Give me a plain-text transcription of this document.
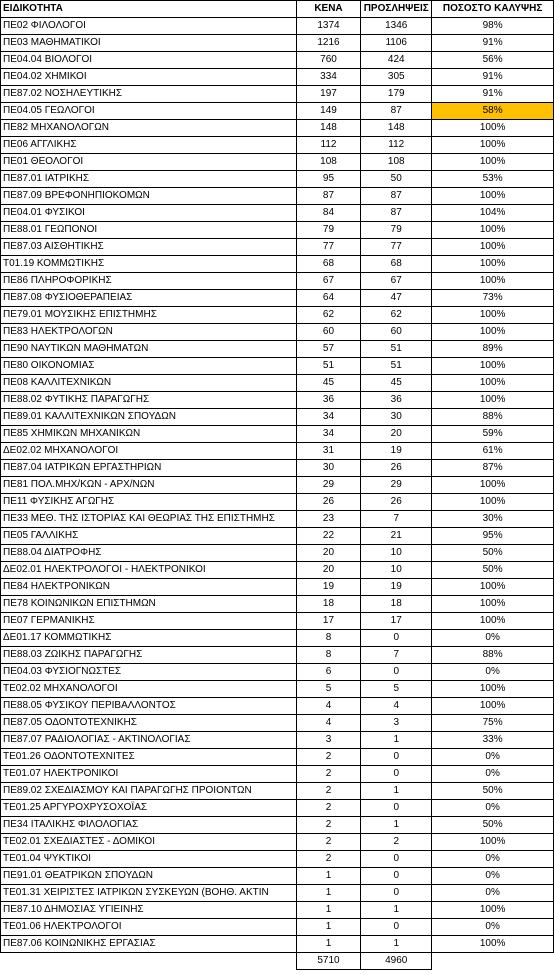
ΕΙΔΙΚΟΤΗΤΑ	ΚΕΝΑ	ΠΡΟΣΛΗΨΕΙΣ	ΠΟΣΟΣΤΟ ΚΑΛΥΨΗΣ
ΠΕ02 ΦΙΛΟΛΟΓΟΙ	1374	1346	98%
ΠΕ03 ΜΑΘΗΜΑΤΙΚΟΙ	1216	1106	91%
ΠΕ04.04 ΒΙΟΛΟΓΟΙ	760	424	56%
ΠΕ04.02 ΧΗΜΙΚΟΙ	334	305	91%
ΠΕ87.02 ΝΟΣΗΛΕΥΤΙΚΗΣ	197	179	91%
ΠΕ04.05 ΓΕΩΛΟΓΟΙ	149	87	58%
ΠΕ82 ΜΗΧΑΝΟΛΟΓΩΝ	148	148	100%
ΠΕ06 ΑΓΓΛΙΚΗΣ	112	112	100%
ΠΕ01 ΘΕΟΛΟΓΟΙ	108	108	100%
ΠΕ87.01 ΙΑΤΡΙΚΗΣ	95	50	53%
ΠΕ87.09 ΒΡΕΦΟΝΗΠΙΟΚΟΜΩΝ	87	87	100%
ΠΕ04.01 ΦΥΣΙΚΟΙ	84	87	104%
ΠΕ88.01 ΓΕΩΠΟΝΟΙ	79	79	100%
ΠΕ87.03 ΑΙΣΘΗΤΙΚΗΣ	77	77	100%
Τ01.19 ΚΟΜΜΩΤΙΚΗΣ	68	68	100%
ΠΕ86 ΠΛΗΡΟΦΟΡΙΚΗΣ	67	67	100%
ΠΕ87.08 ΦΥΣΙΟΘΕΡΑΠΕΙΑΣ	64	47	73%
ΠΕ79.01 ΜΟΥΣΙΚΗΣ ΕΠΙΣΤΗΜΗΣ	62	62	100%
ΠΕ83 ΗΛΕΚΤΡΟΛΟΓΩΝ	60	60	100%
ΠΕ90 ΝΑΥΤΙΚΩΝ ΜΑΘΗΜΑΤΩΝ	57	51	89%
ΠΕ80 ΟΙΚΟΝΟΜΙΑΣ	51	51	100%
ΠΕ08 ΚΑΛΛΙΤΕΧΝΙΚΩΝ	45	45	100%
ΠΕ88.02 ΦΥΤΙΚΗΣ ΠΑΡΑΓΩΓΗΣ	36	36	100%
ΠΕ89.01 ΚΑΛΛΙΤΕΧΝΙΚΩΝ ΣΠΟΥΔΩΝ	34	30	88%
ΠΕ85 ΧΗΜΙΚΩΝ ΜΗΧΑΝΙΚΩΝ	34	20	59%
ΔΕ02.02 ΜΗΧΑΝΟΛΟΓΟΙ	31	19	61%
ΠΕ87.04 ΙΑΤΡΙΚΩΝ ΕΡΓΑΣΤΗΡΙΩΝ	30	26	87%
ΠΕ81 ΠΟΛ.ΜΗΧ/ΚΩΝ - ΑΡΧ/ΝΩΝ	29	29	100%
ΠΕ11 ΦΥΣΙΚΗΣ ΑΓΩΓΗΣ	26	26	100%
ΠΕ33 ΜΕΘ. ΤΗΣ ΙΣΤΟΡΙΑΣ ΚΑΙ ΘΕΩΡΙΑΣ ΤΗΣ ΕΠΙΣΤΗΜΗΣ	23	7	30%
ΠΕ05 ΓΑΛΛΙΚΗΣ	22	21	95%
ΠΕ88.04 ΔΙΑΤΡΟΦΗΣ	20	10	50%
ΔΕ02.01 ΗΛΕΚΤΡΟΛΟΓΟΙ - ΗΛΕΚΤΡΟΝΙΚΟΙ	20	10	50%
ΠΕ84 ΗΛΕΚΤΡΟΝΙΚΩΝ	19	19	100%
ΠΕ78 ΚΟΙΝΩΝΙΚΩΝ ΕΠΙΣΤΗΜΩΝ	18	18	100%
ΠΕ07 ΓΕΡΜΑΝΙΚΗΣ	17	17	100%
ΔΕ01.17 ΚΟΜΜΩΤΙΚΗΣ	8	0	0%
ΠΕ88.03 ΖΩΙΚΗΣ ΠΑΡΑΓΩΓΗΣ	8	7	88%
ΠΕ04.03 ΦΥΣΙΟΓΝΩΣΤΕΣ	6	0	0%
ΤΕ02.02 ΜΗΧΑΝΟΛΟΓΟΙ	5	5	100%
ΠΕ88.05 ΦΥΣΙΚΟΥ ΠΕΡΙΒΑΛΛΟΝΤΟΣ	4	4	100%
ΠΕ87.05 ΟΔΟΝΤΟΤΕΧΝΙΚΗΣ	4	3	75%
ΠΕ87.07 ΡΑΔΙΟΛΟΓΙΑΣ - ΑΚΤΙΝΟΛΟΓΙΑΣ	3	1	33%
ΤΕ01.26 ΟΔΟΝΤΟΤΕΧΝΙΤΕΣ	2	0	0%
ΤΕ01.07 ΗΛΕΚΤΡΟΝΙΚΟΙ	2	0	0%
ΠΕ89.02 ΣΧΕΔΙΑΣΜΟΥ ΚΑΙ ΠΑΡΑΓΩΓΗΣ ΠΡΟΙΟΝΤΩΝ	2	1	50%
ΤΕ01.25 ΑΡΓΥΡΟΧΡΥΣΟΧΟΪΑΣ	2	0	0%
ΠΕ34 ΙΤΑΛΙΚΗΣ ΦΙΛΟΛΟΓΙΑΣ	2	1	50%
ΤΕ02.01 ΣΧΕΔΙΑΣΤΕΣ - ΔΟΜΙΚΟΙ	2	2	100%
ΤΕ01.04 ΨΥΚΤΙΚΟΙ	2	0	0%
ΠΕ91.01 ΘΕΑΤΡΙΚΩΝ ΣΠΟΥΔΩΝ	1	0	0%
ΤΕ01.31 ΧΕΙΡΙΣΤΕΣ ΙΑΤΡΙΚΩΝ ΣΥΣΚΕΥΩΝ (ΒΟΗΘ. ΑΚΤΙΝ	1	0	0%
ΠΕ87.10 ΔΗΜΟΣΙΑΣ ΥΓΙΕΙΝΗΣ	1	1	100%
ΤΕ01.06 ΗΛΕΚΤΡΟΛΟΓΟΙ	1	0	0%
ΠΕ87.06 ΚΟΙΝΩΝΙΚΗΣ ΕΡΓΑΣΙΑΣ	1	1	100%
	5710	4960	
